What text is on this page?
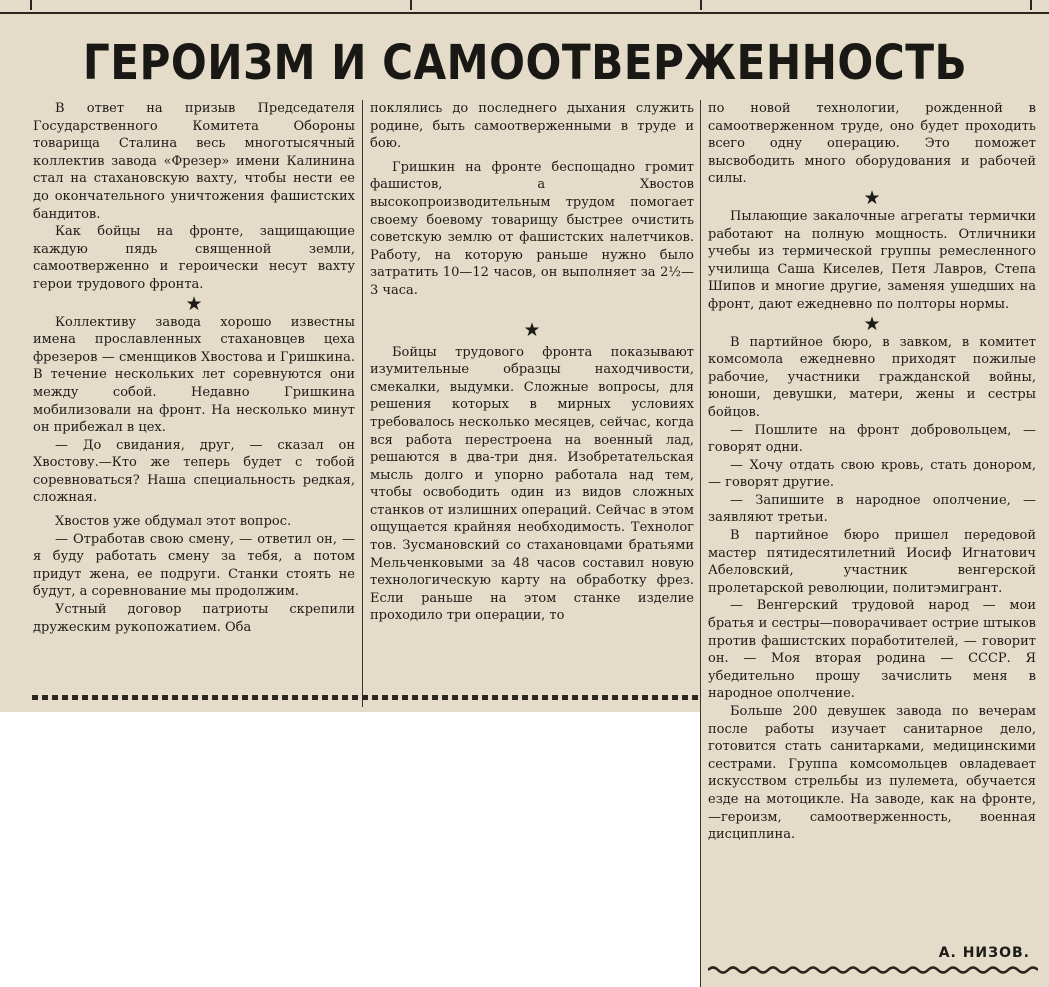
ГЕРОИЗМ И САМООТВЕРЖЕННОСТЬ

В ответ на призыв Председателя Государственного Комитета Обороны товарища Сталина весь многотысячный коллектив завода «Фрезер» имени Калинина стал на стахановскую вахту, чтобы нести ее до окончательного уничтожения фашистских бандитов.

Как бойцы на фронте, защищающие каждую пядь священной земли, самоотверженно и героически несут вахту герои трудового фронта.

★

Коллективу завода хорошо известны имена прославленных стахановцев цеха фрезеров — сменщиков Хвостова и Гришкина. В течение нескольких лет соревнуются они между собой. Недавно Гришкина мобилизовали на фронт. На несколько минут он прибежал в цех.

— До свидания, друг, — сказал он Хвостову.—Кто же теперь будет с тобой соревноваться? Наша специальность редкая, сложная.

Хвостов уже обдумал этот вопрос.

— Отработав свою смену, — ответил он, — я буду работать смену за тебя, а потом придут жена, ее подруги. Станки стоять не будут, а соревнование мы продолжим.

Устный договор патриоты скрепили дружеским рукопожатием. Оба

поклялись до последнего дыхания служить родине, быть самоотверженными в труде и бою.

Гришкин на фронте беспощадно громит фашистов, а Хвостов высокопроизводительным трудом помогает своему боевому товарищу быстрее очистить советскую землю от фашистских налетчиков. Работу, на которую раньше нужно было затратить 10—12 часов, он выполняет за 2½—3 часа.

★

Бойцы трудового фронта показывают изумительные образцы находчивости, смекалки, выдумки. Сложные вопросы, для решения которых в мирных условиях требовалось несколько месяцев, сейчас, когда вся работа перестроена на военный лад, решаются в два-три дня. Изобретательская мысль долго и упорно работала над тем, чтобы освободить один из видов сложных станков от излишних операций. Сейчас в этом ощущается крайняя необходимость. Технолог тов. Зусмановский со стахановцами братьями Мельченковыми за 48 часов составил новую технологическую карту на обработку фрез. Если раньше на этом станке изделие проходило три операции, то

по новой технологии, рожденной в самоотверженном труде, оно будет проходить всего одну операцию. Это поможет высвободить много оборудования и рабочей силы.

★

Пылающие закалочные агрегаты термички работают на полную мощность. Отличники учебы из термической группы ремесленного училища Саша Киселев, Петя Лавров, Степа Шипов и многие другие, заменяя ушедших на фронт, дают ежедневно по полторы нормы.

★

В партийное бюро, в завком, в комитет комсомола ежедневно приходят пожилые рабочие, участники гражданской войны, юноши, девушки, матери, жены и сестры бойцов.

— Пошлите на фронт добровольцем, — говорят одни.

— Хочу отдать свою кровь, стать донором, — говорят другие.

— Запишите в народное ополчение, — заявляют третьи.

В партийное бюро пришел передовой мастер пятидесятилетний Иосиф Игнатович Абеловский, участник венгерской пролетарской революции, политэмигрант.

— Венгерский трудовой народ — мои братья и сестры—поворачивает острие штыков против фашистских поработителей, — говорит он. — Моя вторая родина — СССР. Я убедительно прошу зачислить меня в народное ополчение.

Больше 200 девушек завода по вечерам после работы изучает санитарное дело, готовится стать санитарками, медицинскими сестрами. Группа комсомольцев овладевает искусством стрельбы из пулемета, обучается езде на мотоцикле. На заводе, как на фронте,—героизм, самоотверженность, военная дисциплина.

А. НИЗОВ.
